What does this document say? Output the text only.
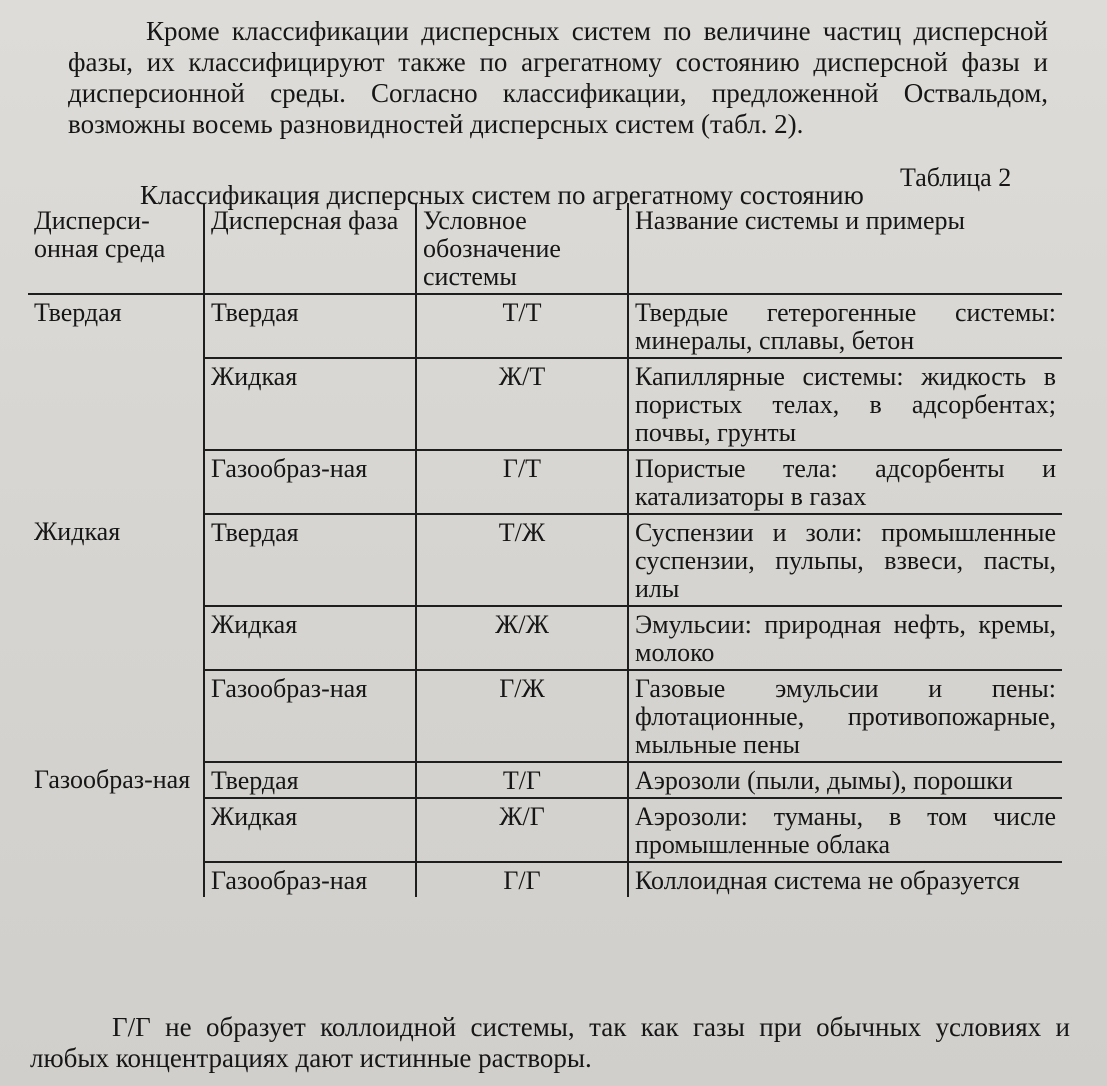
Кроме классификации дисперсных систем по величине частиц дисперсной фазы, их классифицируют также по агрегатному состоянию дисперсной фазы и дисперсионной среды. Согласно классификации, предложенной Оствальдом, возможны восемь разновидностей дисперсных систем (табл. 2).

Таблица 2

Классификация дисперсных систем по агрегатному состоянию

Дисперси-онная среда	Дисперсная фаза	Условное обозначение системы	Название системы и примеры
Твердая	Твердая	Т/Т	Твердые гетерогенные системы: минералы, сплавы, бетон
	Жидкая	Ж/Т	Капиллярные системы: жидкость в пористых телах, в адсорбентах; почвы, грунты
	Газообраз-ная	Г/Т	Пористые тела: адсорбенты и катализаторы в газах
Жидкая	Твердая	Т/Ж	Суспензии и золи: промышленные суспензии, пульпы, взвеси, пасты, илы
	Жидкая	Ж/Ж	Эмульсии: природная нефть, кремы, молоко
	Газообраз-ная	Г/Ж	Газовые эмульсии и пены: флотационные, противопожарные, мыльные пены
Газообраз-ная	Твердая	Т/Г	Аэрозоли (пыли, дымы), порошки
	Жидкая	Ж/Г	Аэрозоли: туманы, в том числе промышленные облака
	Газообраз-ная	Г/Г	Коллоидная система не образуется

Г/Г не образует коллоидной системы, так как газы при обычных условиях и любых концентрациях дают истинные растворы.
